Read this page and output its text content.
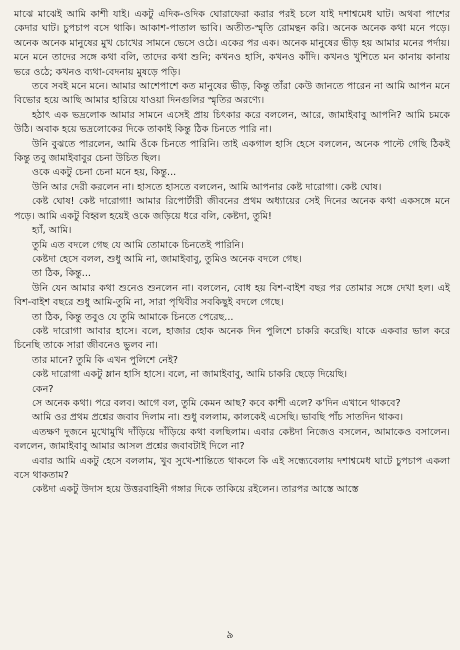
মাঝে মাঝেই আমি কাশী যাই। একটু এদিক-ওদিক ঘোরাফেরা করার পরই চলে যাই দশাশ্বমেধ ঘাট। অথবা পাশের কেদার ঘাট। চুপচাপ বসে থাকি। আকাশ-পাতাল ভাবি। অতীত-স্মৃতি রোমন্থন করি। অনেক অনেক কথা মনে পড়ে। অনেক অনেক মানুষের মুখ চোখের সামনে ভেসে ওঠে। একের পর এক। অনেক মানুষের ভীড় হয় আমার মনের পর্দায়। মনে মনে তাদের সঙ্গে কথা বলি, তাদের কথা শুনি; কখনও হাসি, কখনও কাঁদি। কখনও খুশিতে মন কানায় কানায় ভরে ওঠে; কখনও ব্যথা-বেদনায় মুষড়ে পড়ি।

তবে সবই মনে মনে। আমার আশেপাশে কত মানুষের ভীড়, কিন্তু তাঁরা কেউ জানতে পারেন না আমি আপন মনে বিভোর হয়ে আছি আমার হারিয়ে যাওয়া দিনগুলির স্মৃতির অরণ্যে।

হঠাৎ এক ভদ্রলোক আমার সামনে এসেই প্রায় চিৎকার করে বললেন, আরে, জামাইবাবু আপনি? আমি চমকে উঠি। অবাক হয়ে ভদ্রলোকের দিকে তাকাই কিন্তু ঠিক চিনতে পারি না।

উনি বুঝতে পারলেন, আমি ওঁকে চিনতে পারিনি। তাই একগাল হাসি হেসে বললেন, অনেক পাল্টে গেছি ঠিকই কিন্তু তবু জামাইবাবুর চেনা উচিত ছিল।

ওকে একটু চেনা চেনা মনে হয়, কিন্তু...

উনি আর দেরী করলেন না। হাসতে হাসতে বললেন, আমি আপনার কেষ্ট দারোগা। কেষ্ট ঘোষ।

কেষ্ট ঘোষ! কেষ্ট দারোগা! আমার রিপোর্টারী জীবনের প্রথম অধ্যায়ের সেই দিনের অনেক কথা একসঙ্গে মনে পড়ে। আমি একটু বিহ্বল হয়েই ওকে জড়িয়ে ধরে বলি, কেষ্টদা, তুমি!

হ্যাঁ, আমি।

তুমি এত বদলে গেছ যে আমি তোমাকে চিনতেই পারিনি।

কেষ্টদা হেসে বলল, শুধু আমি না, জামাইবাবু, তুমিও অনেক বদলে গেছ।

তা ঠিক, কিন্তু...

উনি যেন আমার কথা শুনেও শুনলেন না। বললেন, বোধ হয় বিশ-বাইশ বছর পর তোমার সঙ্গে দেখা হল। এই বিশ-বাইশ বছরে শুধু আমি-তুমি না, সারা পৃথিবীর সবকিছুই বদলে গেছে।

তা ঠিক, কিন্তু তবুও যে তুমি আমাকে চিনতে পেরেছ...

কেষ্ট দারোগা আবার হাসে। বলে, হাজার হোক অনেক দিন পুলিশে চাকরি করেছি। যাকে একবার ভাল করে চিনেছি তাকে সারা জীবনেও ভুলব না।

তার মানে? তুমি কি এখন পুলিশে নেই?

কেষ্ট দারোগা একটু ম্লান হাসি হাসে। বলে, না জামাইবাবু, আমি চাকরি ছেড়ে দিয়েছি।

কেন?

সে অনেক কথা। পরে বলব। আগে বল, তুমি কেমন আছ? কবে কাশী এলে? ক'দিন এখানে থাকবে?

আমি ওর প্রথম প্রশ্নের জবাব দিলাম না। শুধু বললাম, কালকেই এসেছি। ভাবছি পাঁচ সাতদিন থাকব।

এতক্ষণ দুজনে মুখোমুখি দাঁড়িয়ে দাঁড়িয়ে কথা বলছিলাম। এবার কেষ্টদা নিজেও বসলেন, আমাকেও বসালেন। বললেন, জামাইবাবু আমার আসল প্রশ্নের জবাবটাই দিলে না?

এবার আমি একটু হেসে বললাম, খুব সুখে-শান্তিতে থাকলে কি এই সন্ধ্যেবেলায় দশাশ্বমেধ ঘাটে চুপচাপ একলা বসে থাকতাম?

কেষ্টদা একটু উদাস হয়ে উত্তরবাহিনী গঙ্গার দিকে তাকিয়ে রইলেন। তারপর আস্তে আস্তে

৯
